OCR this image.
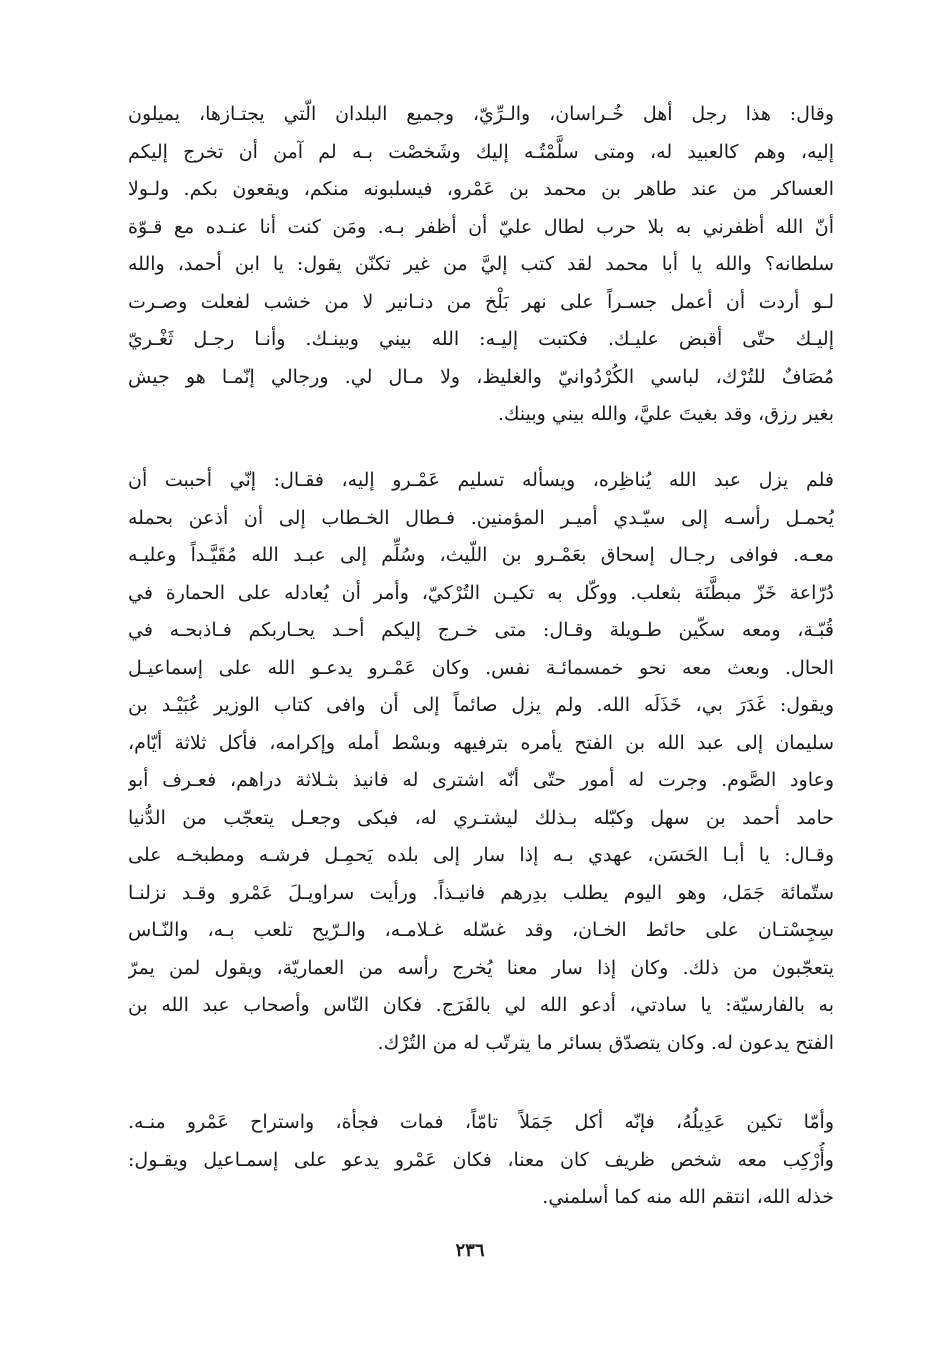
وقال: هذا رجل أهل خُـراسان، والـرِّيّ، وجميع البلدان الّتي يجتـازها، يميلون
إليه، وهم كالعبيد له، ومتى سلَّمْتُـه إليك وشَخصْت بـه لم آمن أن تخرج إليكم
العساكر من عند طاهر بن محمد بن عَمْرو، فيسلبونه منكم، ويقعون بكم. ولـولا
أنّ الله أظفرني به بلا حرب لطال عليّ أن أظفر بـه. ومَن كنت أنا عنـده مع قـوّة
سلطانه؟ والله يا أبا محمد لقد كتب إليَّ من غير تكنّن يقول: يا ابن أحمد، والله
لـو أردت أن أعمل جسـراً على نهر بَلْخ من دنـانير لا من خشب لفعلت وصـرت
إليـك حتّى أقبض عليـك. فكتبت إليـه: الله بيني وبينـك. وأنـا رجـل ثَغْـريّ
مُصَافٌ للتُرْك، لباسي الكُرْدُوانيّ والغليظ، ولا مـال لي. ورجالي إنّمـا هو جيش
بغير رزق، وقد بغيتَ عليَّ، والله بيني وبينك.
فلم يزل عبد الله يُناظِره، ويسأله تسليم عَمْـرو إليه، فقـال: إنّي أحببت أن
يُحمـل رأسـه إلى سيّـدي أميـر المؤمنين. فـطال الخـطاب إلى أن أذعن بحمله
معـه. فوافى رجـال إسحاق بعَمْـرو بن اللّيث، وسُلِّم إلى عبـد الله مُقَيَّـداً وعليـه
دُرّاعة خَزّ مبطَّنَة بثعلب. ووكّل به تكيـن التُرْكيّ، وأمر أن يُعادله على الحمارة في
قُبّـة، ومعه سكّين طـويلة وقـال: متى خـرج إليكم أحـد يحـاربكم فـاذبحـه في
الحال. وبعث معه نحو خمسمائـة نفس. وكان عَمْـرو يدعـو الله على إسماعيـل
ويقول: غَدَرَ بي، خَذَلَه الله. ولم يزل صائماً إلى أن وافى كتاب الوزير عُبَيْـد بن
سليمان إلى عبد الله بن الفتح يأمره بترفيهه وبسْط أمله وإكرامه، فأكل ثلاثة أيّام،
وعاود الصَّوم. وجرت له أمور حتّى أنّه اشترى له فانيذ بثـلاثة دراهم، فعـرف أبو
حامد أحمد بن سهل وكبّله بـذلك ليشتـري له، فبكى وجعـل يتعجّب من الدُّنيا
وقـال: يا أبـا الحَسَن، عهدي بـه إذا سار إلى بلده يَحمِـل فرشـه ومطبخـه على
ستّمائة جَمَل، وهو اليوم يطلب بدِرهم فانيـذاً. ورأيت سراويـلَ عَمْرو وقـد نزلنـا
سِجِسْتـان على حائط الخـان، وقد غسّله غـلامـه، والـرّيح تلعب بـه، والنّـاس
يتعجّبون من ذلك. وكان إذا سار معنا يُخرج رأسه من العماريّة، ويقول لمن يمرّ
به بالفارسيّة: يا سادتي، أدعو الله لي بالفَرَج. فكان النّاس وأصحاب عبد الله بن
الفتح يدعون له. وكان يتصدّق بسائر ما يترتّب له من التُرْك.
وأمّا تكين عَدِيلُهُ، فإنّه أكل جَمَلاً تامّاً، فمات فجأة، واستراح عَمْرو منـه.
وأُرْكِب معه شخص ظريف كان معنا، فكان عَمْرو يدعو على إسمـاعيل ويقـول:
خذله الله، انتقم الله منه كما أسلمني.
٢٣٦
